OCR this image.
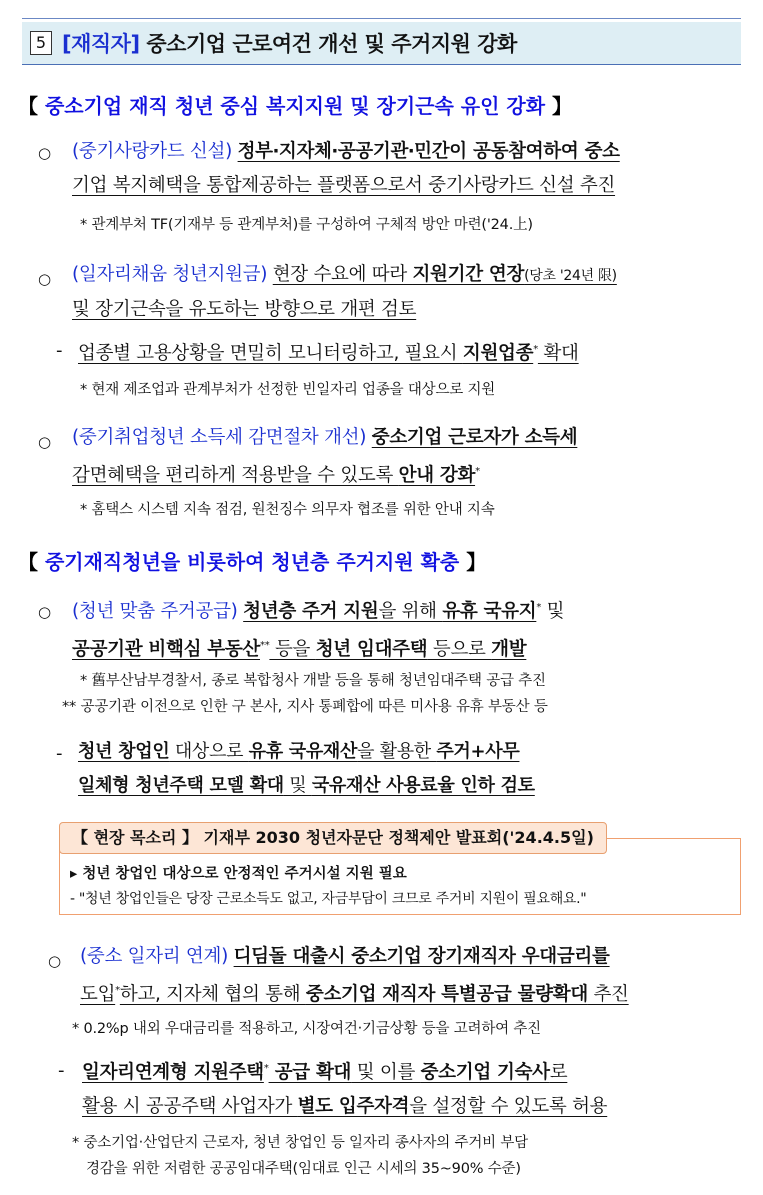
5 [재직자] 중소기업 근로여건 개선 및 주거지원 강화
【 중소기업 재직 청년 중심 복지지원 및 장기근속 유인 강화 】
○ (중기사랑카드 신설) 정부‧지자체‧공공기관‧민간이 공동참여하여 중소
기업 복지혜택을 통합제공하는 플랫폼으로서 중기사랑카드 신설 추진
* 관계부처 TF(기재부 등 관계부처)를 구성하여 구체적 방안 마련('24.上)
○ (일자리채움 청년지원금) 현장 수요에 따라 지원기간 연장(당초 '24년 限)
및 장기근속을 유도하는 방향으로 개편 검토
- 업종별 고용상황을 면밀히 모니터링하고, 필요시 지원업종* 확대
* 현재 제조업과 관계부처가 선정한 빈일자리 업종을 대상으로 지원
○ (중기취업청년 소득세 감면절차 개선) 중소기업 근로자가 소득세
감면혜택을 편리하게 적용받을 수 있도록 안내 강화*
* 홈택스 시스템 지속 점검, 원천징수 의무자 협조를 위한 안내 지속
【 중기재직청년을 비롯하여 청년층 주거지원 확충 】
○ (청년 맞춤 주거공급) 청년층 주거 지원을 위해 유휴 국유지* 및
공공기관 비핵심 부동산** 등을 청년 임대주택 등으로 개발
* 舊부산남부경찰서, 종로 복합청사 개발 등을 통해 청년임대주택 공급 추진
** 공공기관 이전으로 인한 구 본사, 지사 통폐합에 따른 미사용 유휴 부동산 등
- 청년 창업인 대상으로 유휴 국유재산을 활용한 주거+사무
일체형 청년주택 모델 확대 및 국유재산 사용료율 인하 검토
【 현장 목소리 】 기재부 2030 청년자문단 정책제안 발표회('24.4.5일)
▸ 청년 창업인 대상으로 안정적인 주거시설 지원 필요
- "청년 창업인들은 당장 근로소득도 없고, 자금부담이 크므로 주거비 지원이 필요해요."
○ (중소 일자리 연계) 디딤돌 대출시 중소기업 장기재직자 우대금리를
도입*하고, 지자체 협의 통해 중소기업 재직자 특별공급 물량확대 추진
* 0.2%p 내외 우대금리를 적용하고, 시장여건‧기금상황 등을 고려하여 추진
- 일자리연계형 지원주택* 공급 확대 및 이를 중소기업 기숙사로
활용 시 공공주택 사업자가 별도 입주자격을 설정할 수 있도록 허용
* 중소기업‧산업단지 근로자, 청년 창업인 등 일자리 종사자의 주거비 부담
경감을 위한 저렴한 공공임대주택(임대료 인근 시세의 35~90% 수준)
